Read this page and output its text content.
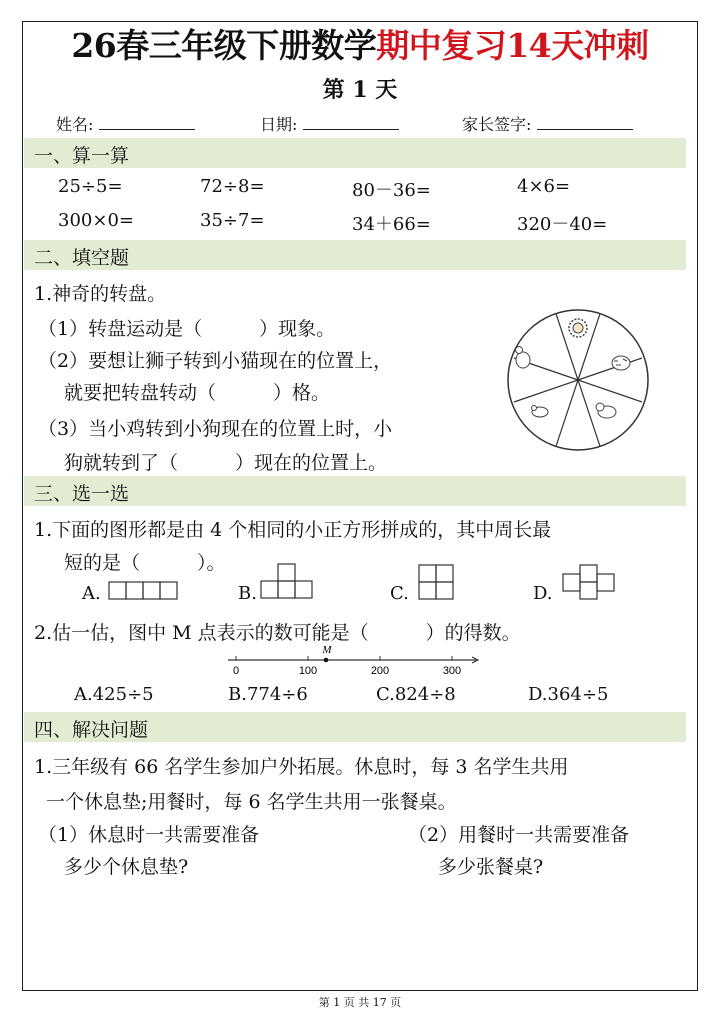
26春三年级下册数学期中复习14天冲刺
第 1 天
姓名:	日期:	家长签字:
一、算一算
25÷5=	72÷8=	80－36=	4×6=
300×0=	35÷7=	34＋66=	320－40=
二、填空题
1.神奇的转盘。
（1）转盘运动是（　　　）现象。
（2）要想让狮子转到小猫现在的位置上，
就要把转盘转动（　　　）格。
（3）当小鸡转到小狗现在的位置上时，小
狗就转到了（　　　）现在的位置上。
三、选一选
1.下面的图形都是由 4 个相同的小正方形拼成的，其中周长最
短的是（　　　）。
A.	B.	C.	D.
2.估一估，图中 M 点表示的数可能是（　　　）的得数。
0	100	200	300
M
A.425÷5	B.774÷6	C.824÷8	D.364÷5
四、解决问题
1.三年级有 66 名学生参加户外拓展。休息时，每 3 名学生共用
一个休息垫;用餐时，每 6 名学生共用一张餐桌。
（1）休息时一共需要准备
多少个休息垫?
（2）用餐时一共需要准备
多少张餐桌?
第 1 页 共 17 页
